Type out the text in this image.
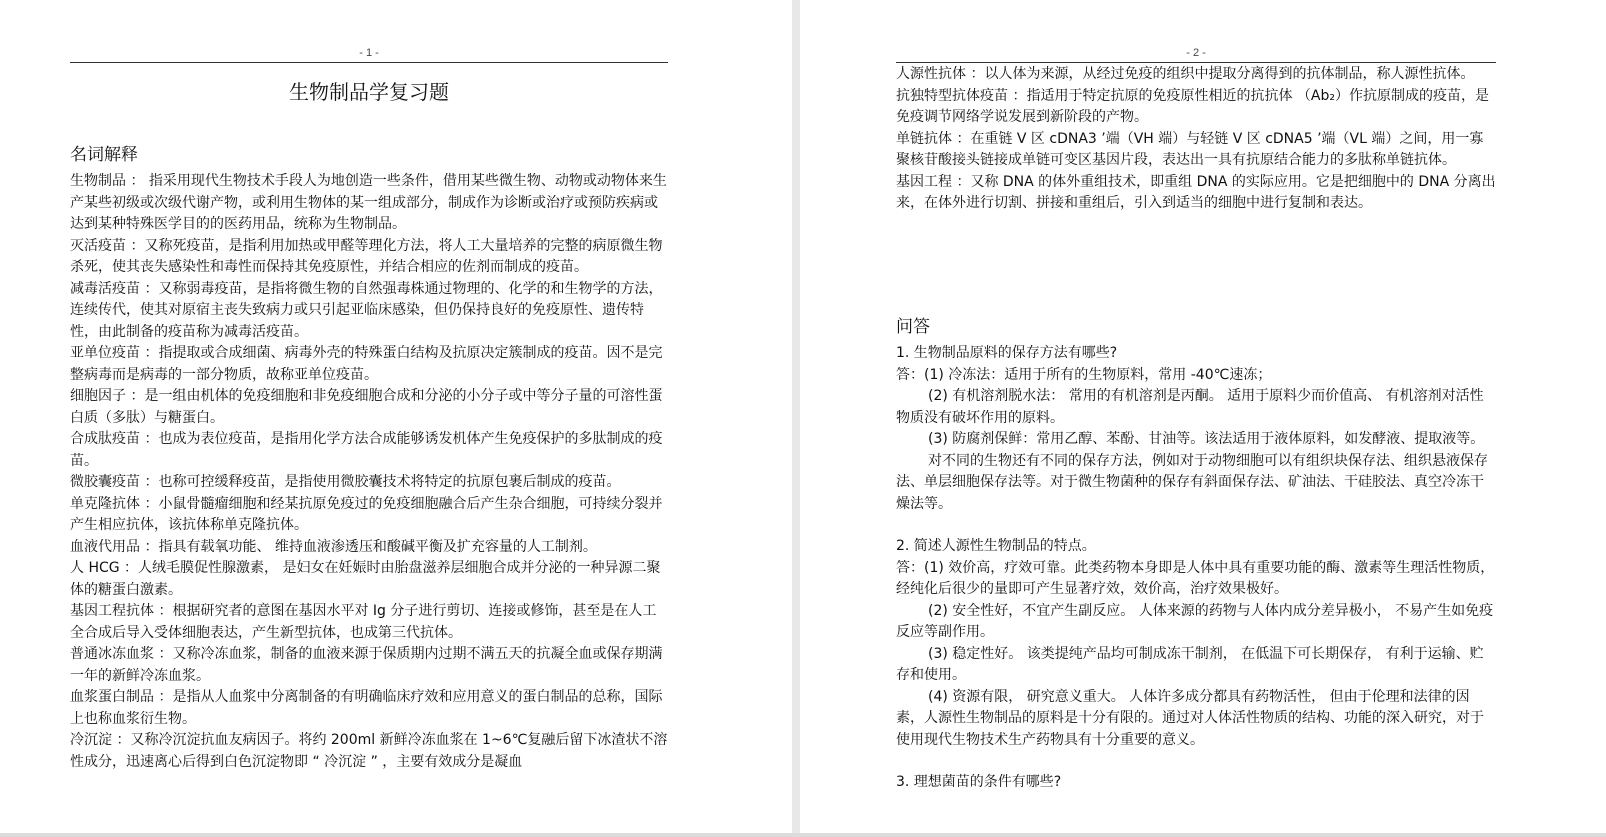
- 1 -
生物制品学复习题
名词解释

生物制品 ： 指采用现代生物技术手段人为地创造一些条件，借用某些微生物、动物或动物体来生产某些初级或次级代谢产物，或利用生物体的某一组成部分，制成作为诊断或治疗或预防疾病或达到某种特殊医学目的的医药用品，统称为生物制品。

灭活疫苗 ：又称死疫苗，是指利用加热或甲醛等理化方法，将人工大量培养的完整的病原微生物杀死，使其丧失感染性和毒性而保持其免疫原性，并结合相应的佐剂而制成的疫苗。

减毒活疫苗 ：又称弱毒疫苗，是指将微生物的自然强毒株通过物理的、化学的和生物学的方法，连续传代，使其对原宿主丧失致病力或只引起亚临床感染，但仍保持良好的免疫原性、遗传特性，由此制备的疫苗称为减毒活疫苗。

亚单位疫苗 ：指提取或合成细菌、病毒外壳的特殊蛋白结构及抗原决定簇制成的疫苗。因不是完整病毒而是病毒的一部分物质，故称亚单位疫苗。

细胞因子 ：是一组由机体的免疫细胞和非免疫细胞合成和分泌的小分子或中等分子量的可溶性蛋白质（多肽）与糖蛋白。

合成肽疫苗 ：也成为表位疫苗，是指用化学方法合成能够诱发机体产生免疫保护的多肽制成的疫苗。

微胶囊疫苗 ：也称可控缓释疫苗，是指使用微胶囊技术将特定的抗原包裹后制成的疫苗。

单克隆抗体 ：小鼠骨髓瘤细胞和经某抗原免疫过的免疫细胞融合后产生杂合细胞，可持续分裂并产生相应抗体，该抗体称单克隆抗体。

血液代用品 ：指具有载氧功能、 维持血液渗透压和酸碱平衡及扩充容量的人工制剂。

人 HCG ：人绒毛膜促性腺激素， 是妇女在妊娠时由胎盘滋养层细胞合成并分泌的一种异源二聚体的糖蛋白激素。

基因工程抗体 ：根据研究者的意图在基因水平对 Ig 分子进行剪切、连接或修饰，甚至是在人工全合成后导入受体细胞表达，产生新型抗体，也成第三代抗体。

普通冰冻血浆 ：又称冷冻血浆，制备的血液来源于保质期内过期不满五天的抗凝全血或保存期满一年的新鲜冷冻血浆。

血浆蛋白制品 ：是指从人血浆中分离制备的有明确临床疗效和应用意义的蛋白制品的总称，国际上也称血浆衍生物。

冷沉淀 ：又称冷沉淀抗血友病因子。将约 200ml 新鲜冷冻血浆在 1~6℃复融后留下冰渣状不溶性成分，迅速离心后得到白色沉淀物即 “ 冷沉淀 ” ，主要有效成分是凝血

- 2 -

人源性抗体 ：以人体为来源，从经过免疫的组织中提取分离得到的抗体制品，称人源性抗体。

抗独特型抗体疫苗 ：指适用于特定抗原的免疫原性相近的抗抗体 （Ab₂）作抗原制成的疫苗，是免疫调节网络学说发展到新阶段的产物。

单链抗体 ：在重链 V 区 cDNA3 ’端（VH 端）与轻链 V 区 cDNA5 ’端（VL 端）之间，用一寡聚核苷酸接头链接成单链可变区基因片段，表达出一具有抗原结合能力的多肽称单链抗体。

基因工程 ：又称 DNA 的体外重组技术，即重组 DNA 的实际应用。它是把细胞中的 DNA 分离出来，在体外进行切割、拼接和重组后，引入到适当的细胞中进行复制和表达。

问答

1. 生物制品原料的保存方法有哪些?

答：(1) 冷冻法：适用于所有的生物原料，常用 -40℃速冻；

(2) 有机溶剂脱水法： 常用的有机溶剂是丙酮。 适用于原料少而价值高、 有机溶剂对活性物质没有破坏作用的原料。

(3) 防腐剂保鲜：常用乙醇、苯酚、甘油等。该法适用于液体原料，如发酵液、提取液等。

对不同的生物还有不同的保存方法，例如对于动物细胞可以有组织块保存法、组织悬液保存法、单层细胞保存法等。对于微生物菌种的保存有斜面保存法、矿油法、干硅胶法、真空冷冻干燥法等。

2. 简述人源性生物制品的特点。

答：(1) 效价高，疗效可靠。此类药物本身即是人体中具有重要功能的酶、激素等生理活性物质，经纯化后很少的量即可产生显著疗效，效价高，治疗效果极好。

(2) 安全性好，不宜产生副反应。 人体来源的药物与人体内成分差异极小， 不易产生如免疫反应等副作用。

(3) 稳定性好。 该类提纯产品均可制成冻干制剂， 在低温下可长期保存， 有利于运输、贮存和使用。

(4) 资源有限， 研究意义重大。 人体许多成分都具有药物活性， 但由于伦理和法律的因素，人源性生物制品的原料是十分有限的。通过对人体活性物质的结构、功能的深入研究，对于使用现代生物技术生产药物具有十分重要的意义。

3. 理想菌苗的条件有哪些?
